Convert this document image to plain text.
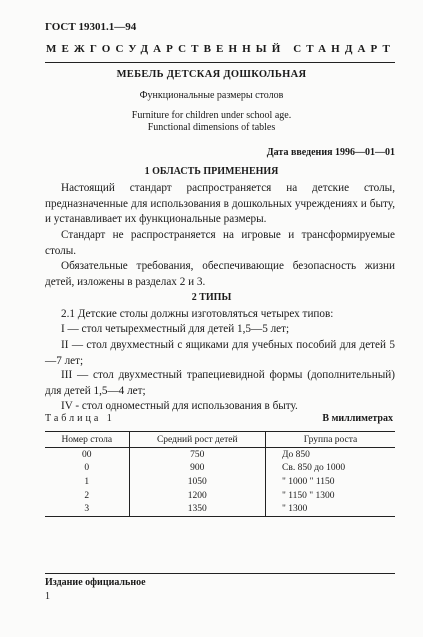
ГОСТ 19301.1—94
МЕЖГОСУДАРСТВЕННЫЙ СТАНДАРТ
МЕБЕЛЬ ДЕТСКАЯ ДОШКОЛЬНАЯ
Функциональные размеры столов
Furniture for children under school age.
Functional dimensions of tables
Дата введения 1996—01—01
1 ОБЛАСТЬ ПРИМЕНЕНИЯ
Настоящий стандарт распространяется на детские столы, предназначенные для использования в дошкольных учреждениях и быту, и устанавливает их функциональные размеры.
Стандарт не распространяется на игровые и трансформируемые столы.
Обязательные требования, обеспечивающие безопасность жизни детей, изложены в разделах 2 и 3.
2 ТИПЫ
2.1 Детские столы должны изготовляться четырех типов:
I — стол четырехместный для детей 1,5—5 лет;
II — стол двухместный с ящиками для учебных пособий для детей 5—7 лет;
III — стол двухместный трапециевидной формы (дополнительный) для детей 1,5—4 лет;
IV - стол одноместный для использования в быту.
Таблица 1	В миллиметрах
Номер стола	Средний рост детей	Группа роста
00	750	До 850
0	900	Св. 850 до 1000
1	1050	" 1000 " 1150
2	1200	" 1150 " 1300
3	1350	" 1300
Издание официальное
1
